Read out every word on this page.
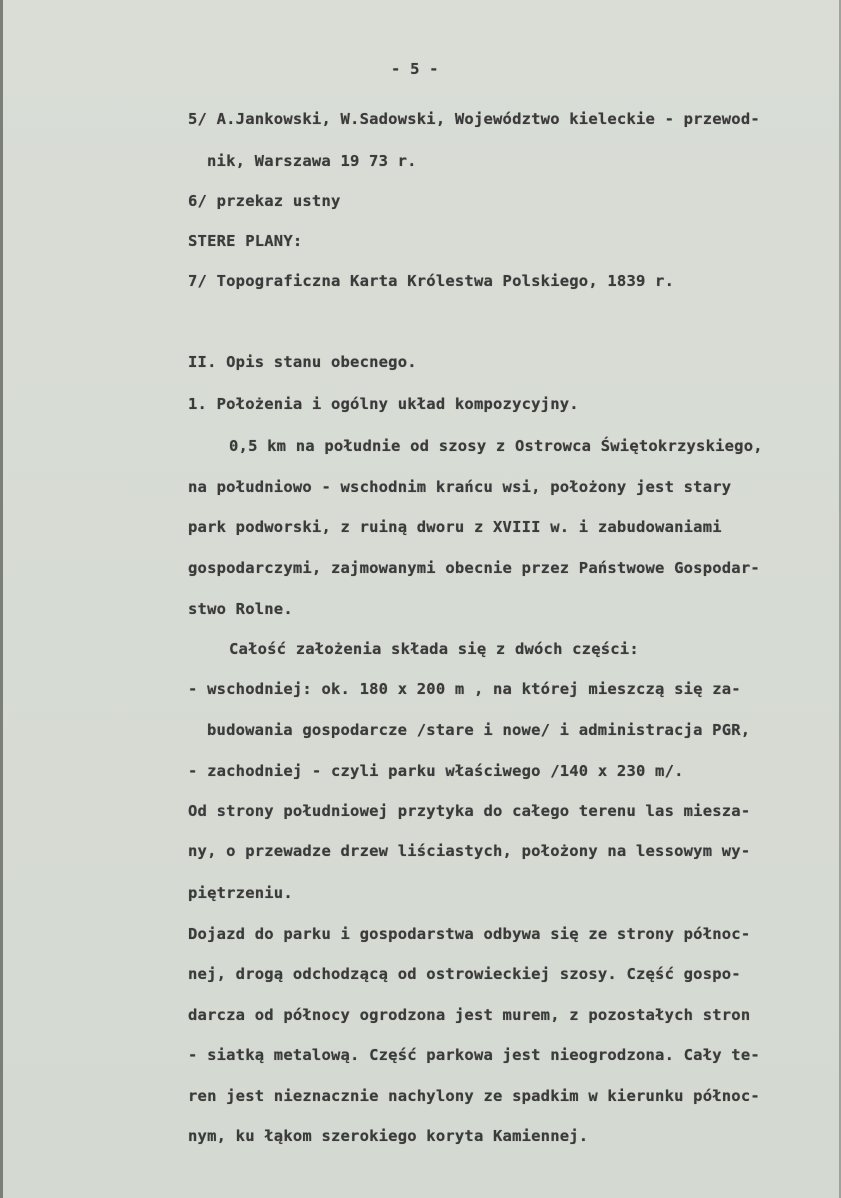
- 5 -
5/ A.Jankowski, W.Sadowski, Województwo kieleckie - przewod-
nik, Warszawa 19 73 r.
6/ przekaz ustny
STERE PLANY:
7/ Topograficzna Karta Królestwa Polskiego, 1839 r.
II. Opis stanu obecnego.
1. Położenia i ogólny układ kompozycyjny.
0,5 km na południe od szosy z Ostrowca Świętokrzyskiego,
na południowo - wschodnim krańcu wsi, położony jest stary
park podworski, z ruiną dworu z XVIII w. i zabudowaniami
gospodarczymi, zajmowanymi obecnie przez Państwowe Gospodar-
stwo Rolne.
Całość założenia składa się z dwóch części:
- wschodniej: ok. 180 x 200 m , na której mieszczą się za-
budowania gospodarcze /stare i nowe/ i administracja PGR,
- zachodniej - czyli parku właściwego /140 x 230 m/.
Od strony południowej przytyka do całego terenu las miesza-
ny, o przewadze drzew liściastych, położony na lessowym wy-
piętrzeniu.
Dojazd do parku i gospodarstwa odbywa się ze strony północ-
nej, drogą odchodzącą od ostrowieckiej szosy. Część gospo-
darcza od północy ogrodzona jest murem, z pozostałych stron
- siatką metalową. Część parkowa jest nieogrodzona. Cały te-
ren jest nieznacznie nachylony ze spadkim w kierunku północ-
nym, ku łąkom szerokiego koryta Kamiennej.
